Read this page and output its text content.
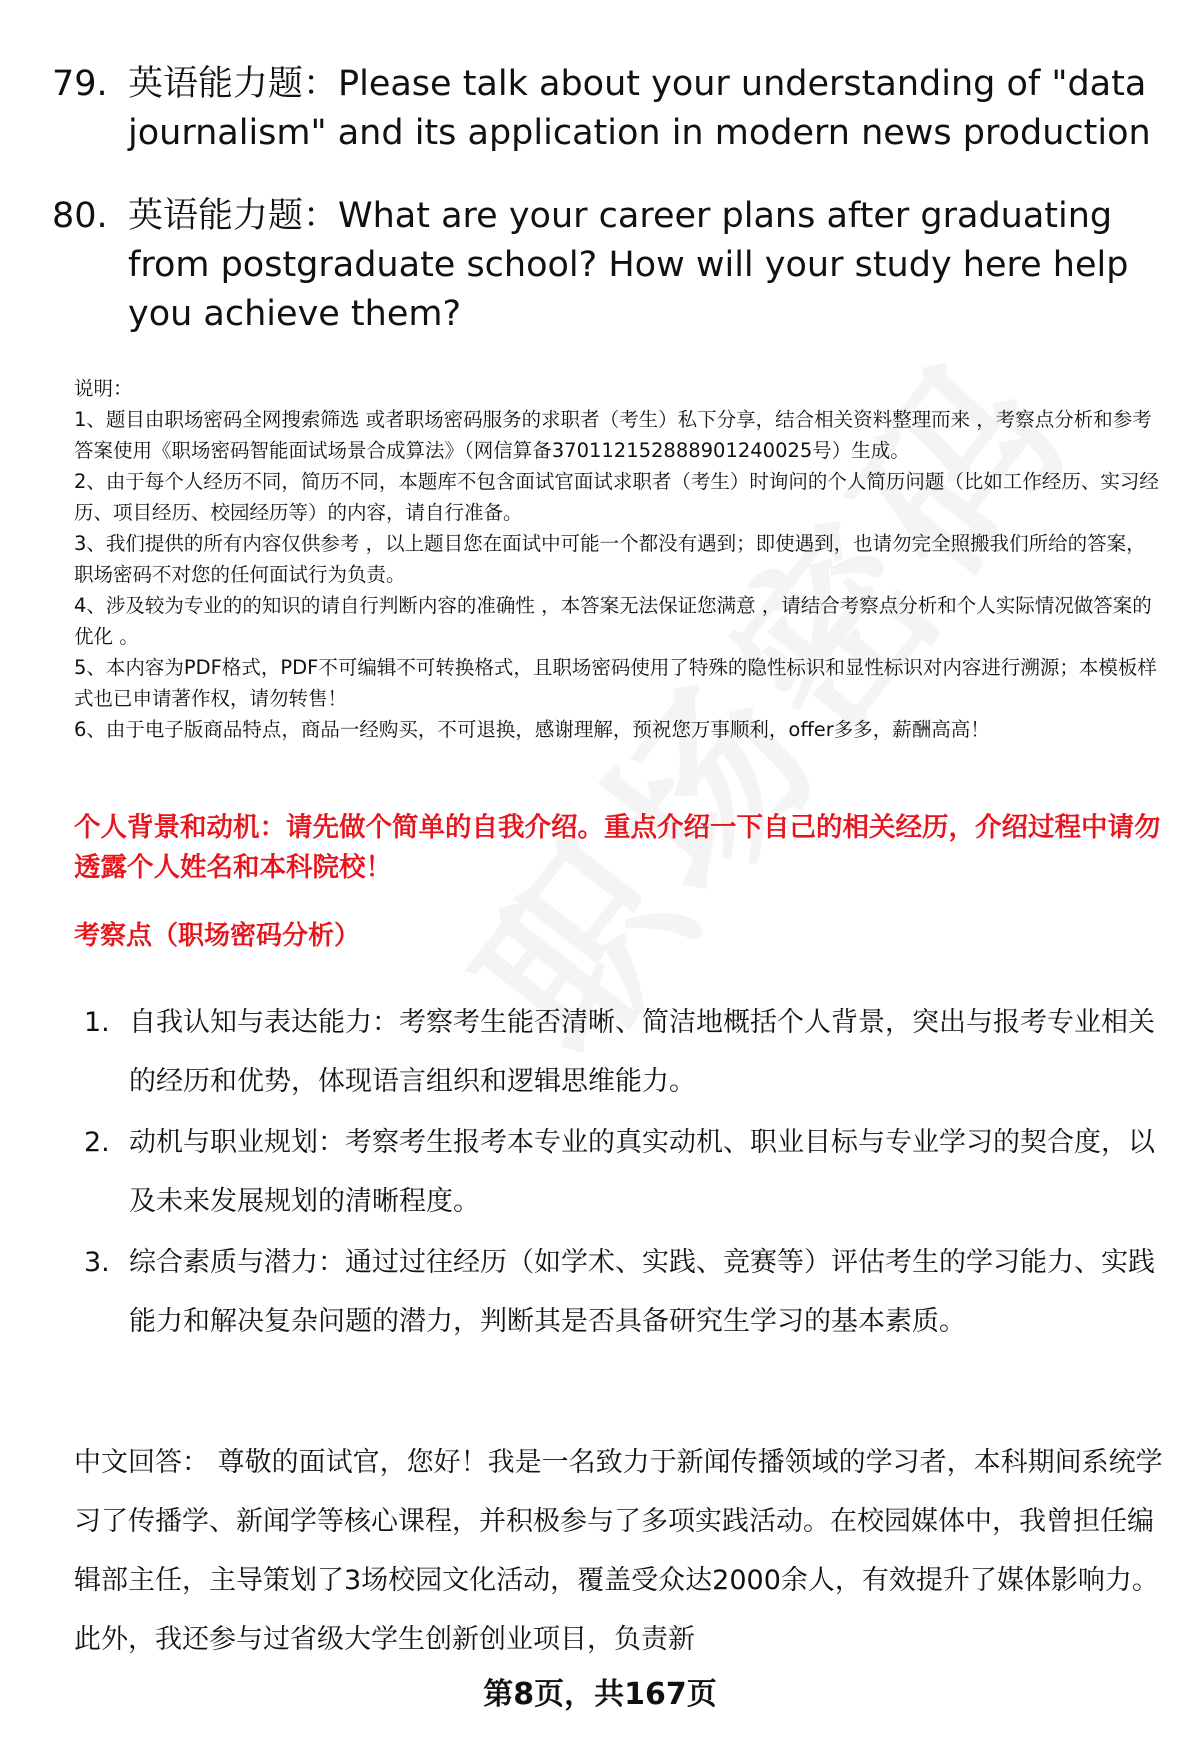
79. 英语能力题：Please talk about your understanding of "data journalism" and its application in modern news production
80. 英语能力题：What are your career plans after graduating from postgraduate school? How will your study here help you achieve them?

说明：

1、题目由职场密码全网搜索筛选 或者职场密码服务的求职者（考生）私下分享，结合相关资料整理而来 ，考察点分析和参考答案使用《职场密码智能面试场景合成算法》（网信算备370112152888901240025号）生成。

2、由于每个人经历不同，简历不同，本题库不包含面试官面试求职者（考生）时询问的个人简历问题（比如工作经历、实习经历、项目经历、校园经历等）的内容，请自行准备。

3、我们提供的所有内容仅供参考 ，以上题目您在面试中可能一个都没有遇到；即使遇到，也请勿完全照搬我们所给的答案，职场密码不对您的任何面试行为负责。

4、涉及较为专业的的知识的请自行判断内容的准确性 ，本答案无法保证您满意 ，请结合考察点分析和个人实际情况做答案的优化 。

5、本内容为PDF格式，PDF不可编辑不可转换格式，且职场密码使用了特殊的隐性标识和显性标识对内容进行溯源；本模板样式也已申请著作权，请勿转售！

6、由于电子版商品特点，商品一经购买，不可退换，感谢理解，预祝您万事顺利，offer多多，薪酬高高！

个人背景和动机：请先做个简单的自我介绍。重点介绍一下自己的相关经历，介绍过程中请勿透露个人姓名和本科院校！
考察点（职场密码分析）
1. 自我认知与表达能力：考察考生能否清晰、简洁地概括个人背景，突出与报考专业相关的经历和优势，体现语言组织和逻辑思维能力。
2. 动机与职业规划：考察考生报考本专业的真实动机、职业目标与专业学习的契合度，以及未来发展规划的清晰程度。
3. 综合素质与潜力：通过过往经历（如学术、实践、竞赛等）评估考生的学习能力、实践能力和解决复杂问题的潜力，判断其是否具备研究生学习的基本素质。
中文回答： 尊敬的面试官，您好！我是一名致力于新闻传播领域的学习者，本科期间系统学习了传播学、新闻学等核心课程，并积极参与了多项实践活动。在校园媒体中，我曾担任编辑部主任，主导策划了3场校园文化活动，覆盖受众达2000余人，有效提升了媒体影响力。此外，我还参与过省级大学生创新创业项目，负责新
第8页，共167页
